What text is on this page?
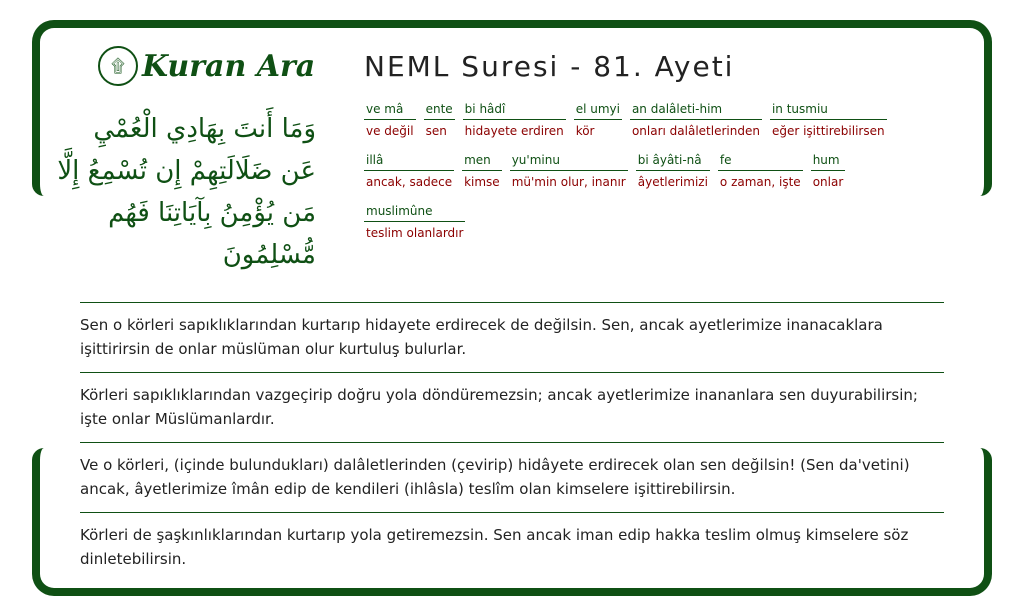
۩ Kuran Ara
وَمَا أَنتَ بِهَادِي الْعُمْيِ عَن ضَلَالَتِهِمْ إِن تُسْمِعُ إِلَّا مَن يُؤْمِنُ بِآيَاتِنَا فَهُم مُّسْلِمُونَ
NEML Suresi - 81. Ayeti
ve mâ
ve değil
ente
sen
bi hâdî
hidayete erdiren
el umyi
kör
an dalâleti-him
onları dalâletlerinden
in tusmiu
eğer işittirebilirsen
illâ
ancak, sadece
men
kimse
yu'minu
mü'min olur, inanır
bi âyâti-nâ
âyetlerimizi
fe
o zaman, işte
hum
onlar
muslimûne
teslim olanlardır
Sen o körleri sapıklıklarından kurtarıp hidayete erdirecek de değilsin. Sen, ancak ayetlerimize inanacaklara işittirirsin de onlar müslüman olur kurtuluş bulurlar.
Körleri sapıklıklarından vazgeçirip doğru yola döndüremezsin; ancak ayetlerimize inananlara sen duyurabilirsin; işte onlar Müslümanlardır.
Ve o körleri, (içinde bulundukları) dalâletlerinden (çevirip) hidâyete erdirecek olan sen değilsin! (Sen da'vetini) ancak, âyetlerimize îmân edip de kendileri (ihlâsla) teslîm olan kimselere işittirebilirsin.
Körleri de şaşkınlıklarından kurtarıp yola getiremezsin. Sen ancak iman edip hakka teslim olmuş kimselere söz dinletebilirsin.
